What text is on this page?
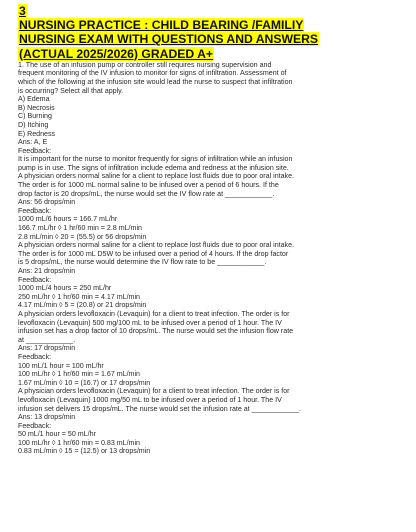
3
NURSING PRACTICE : CHILD BEARING /FAMILIY
NURSING EXAM WITH QUESTIONS AND ANSWERS
(ACTUAL 2025/2026) GRADED A+
1. The use of an infusion pump or controller still requires nursing supervision and
frequent monitoring of the IV infusion to monitor for signs of infiltration. Assessment of
which of the following at the infusion site would lead the nurse to suspect that infiltration
is occurring? Select all that apply.
A) Edema
B) Necrosis
C) Burning
D) Itching
E) Redness
Ans: A, E
Feedback:
It is important for the nurse to monitor frequently for signs of infiltration while an infusion
pump is in use. The signs of infiltration include edema and redness at the infusion site.
A physician orders normal saline for a client to replace lost fluids due to poor oral intake.
The order is for 1000 mL normal saline to be infused over a period of 6 hours. If the
drop factor is 20 drops/mL, the nurse would set the IV flow rate at ____________.
Ans: 56 drops/min
Feedback:
1000 mL/6 hours = 166.7 mL/hr
166.7 mL/hr ◊ 1 hr/60 min = 2.8 mL/min
2.8 mL/min ◊ 20 = (55.5) or 56 drops/min
A physician orders normal saline for a client to replace lost fluids due to poor oral intake.
The order is for 1000 mL D5W to be infused over a period of 4 hours. If the drop factor
is 5 drops/mL, the nurse would determine the IV flow rate to be ____________.
Ans: 21 drops/min
Feedback:
1000 mL/4 hours = 250 mL/hr
250 mL/hr ◊ 1 hr/60 min = 4.17 mL/min
4.17 mL/min ◊ 5 = (20.8) or 21 drops/min
A physician orders levofloxacin (Levaquin) for a client to treat infection. The order is for
levofloxacin (Levaquin) 500 mg/100 mL to be infused over a period of 1 hour. The IV
infusion set has a drop factor of 10 drops/mL. The nurse would set the infusion flow rate
at ____________.
Ans: 17 drops/min
Feedback:
100 mL/1 hour = 100 mL/hr
100 mL/hr ◊ 1 hr/60 min = 1.67 mL/min
1.67 mL/min ◊ 10 = (16.7) or 17 drops/min
A physician orders levofloxacin (Levaquin) for a client to treat infection. The order is for
levofloxacin (Levaquin) 1000 mg/50 mL to be infused over a period of 1 hour. The IV
infusion set delivers 15 drops/mL. The nurse would set the infusion rate at ____________.
Ans: 13 drops/min
Feedback:
50 mL/1 hour = 50 mL/hr
100 mL/hr ◊ 1 hr/60 min = 0.83 mL/min
0.83 mL/min ◊ 15 = (12.5) or 13 drops/min
